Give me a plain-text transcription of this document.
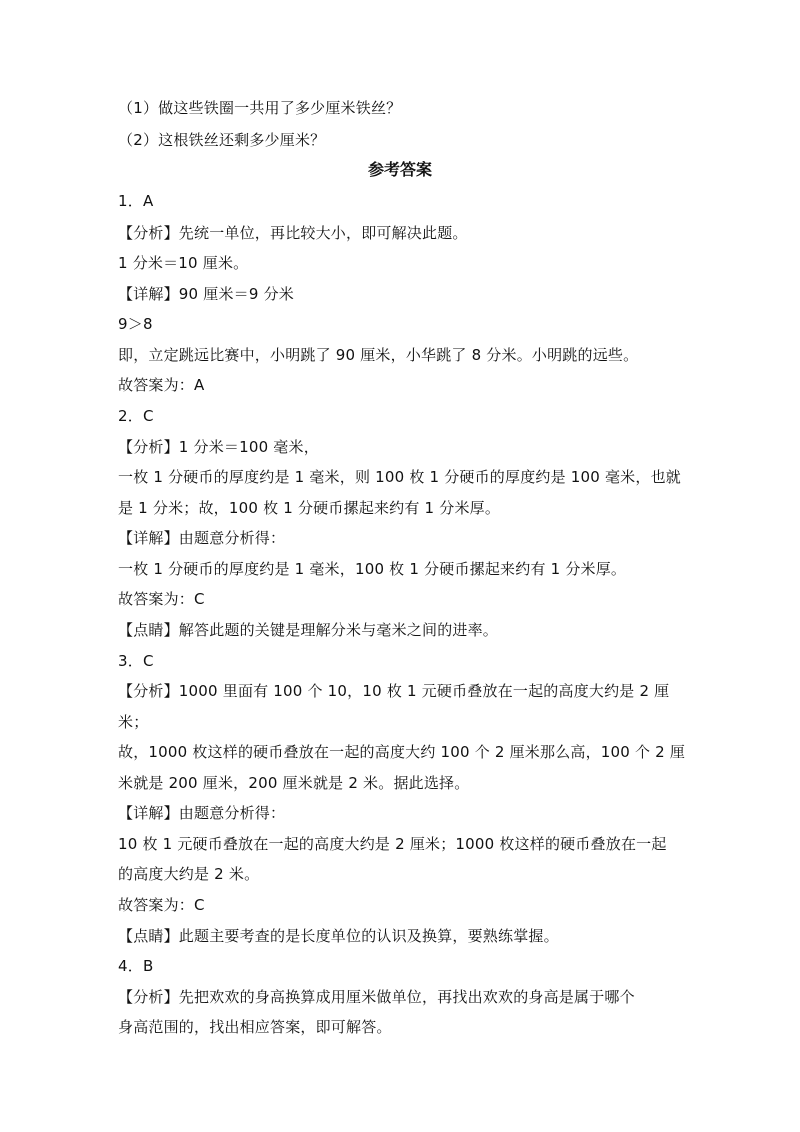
（1）做这些铁圈一共用了多少厘米铁丝？
（2）这根铁丝还剩多少厘米？
参考答案
1．A
【分析】先统一单位，再比较大小，即可解决此题。
1 分米＝10 厘米。
【详解】90 厘米＝9 分米
9＞8
即，立定跳远比赛中，小明跳了 90 厘米，小华跳了 8 分米。小明跳的远些。
故答案为：A
2．C
【分析】1 分米＝100 毫米，
一枚 1 分硬币的厚度约是 1 毫米，则 100 枚 1 分硬币的厚度约是 100 毫米，也就
是 1 分米；故，100 枚 1 分硬币摞起来约有 1 分米厚。
【详解】由题意分析得：
一枚 1 分硬币的厚度约是 1 毫米，100 枚 1 分硬币摞起来约有 1 分米厚。
故答案为：C
【点睛】解答此题的关键是理解分米与毫米之间的进率。
3．C
【分析】1000 里面有 100 个 10，10 枚 1 元硬币叠放在一起的高度大约是 2 厘
米；
故，1000 枚这样的硬币叠放在一起的高度大约 100 个 2 厘米那么高，100 个 2 厘
米就是 200 厘米，200 厘米就是 2 米。据此选择。
【详解】由题意分析得：
10 枚 1 元硬币叠放在一起的高度大约是 2 厘米；1000 枚这样的硬币叠放在一起
的高度大约是 2 米。
故答案为：C
【点睛】此题主要考查的是长度单位的认识及换算，要熟练掌握。
4．B
【分析】先把欢欢的身高换算成用厘米做单位，再找出欢欢的身高是属于哪个
身高范围的，找出相应答案，即可解答。
